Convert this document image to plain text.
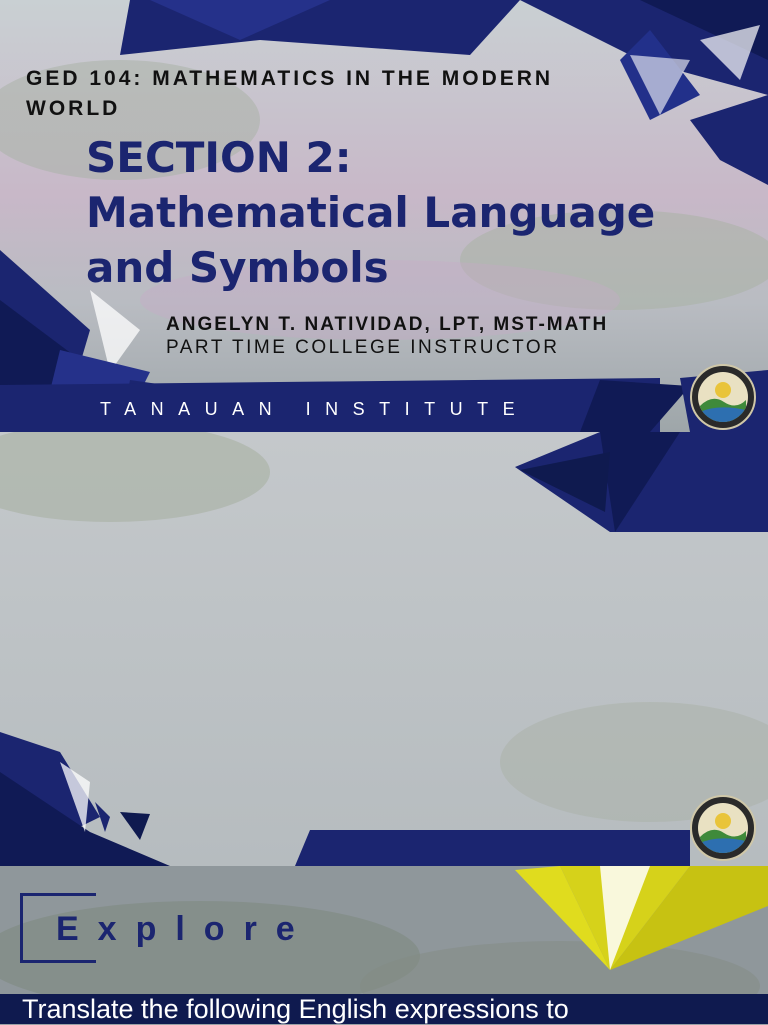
GED 104: MATHEMATICS IN THE MODERN WORLD
SECTION 2:
Mathematical Language
and Symbols
ANGELYN T. NATIVIDAD, LPT, MST-MATH
PART TIME COLLEGE INSTRUCTOR
TANAUAN INSTITUTE
Explore
Translate the following English expressions to
